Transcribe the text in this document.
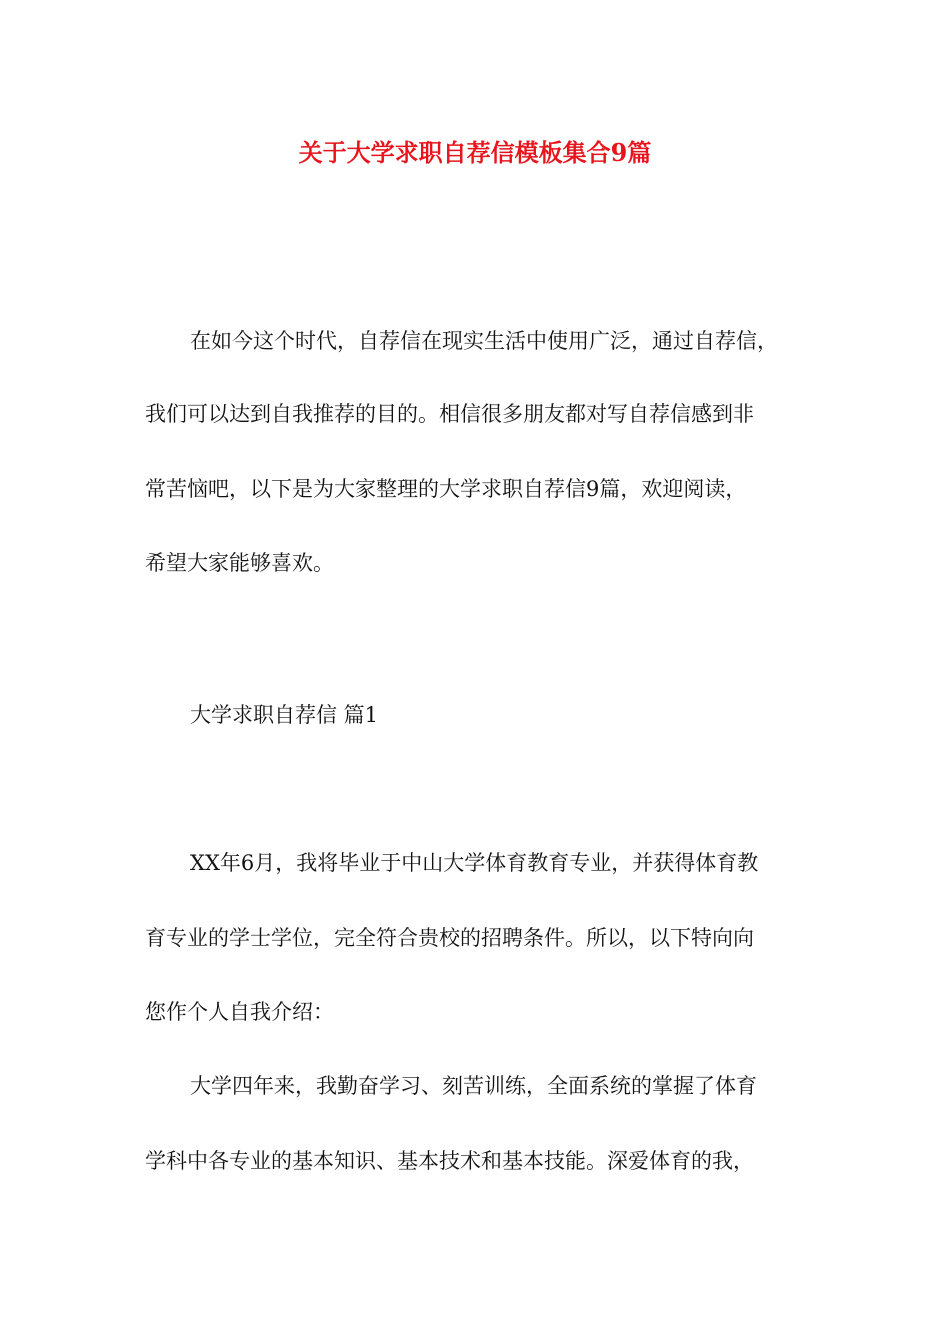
关于大学求职自荐信模板集合9篇

在如今这个时代，自荐信在现实生活中使用广泛，通过自荐信，

我们可以达到自我推荐的目的。相信很多朋友都对写自荐信感到非

常苦恼吧，以下是为大家整理的大学求职自荐信9篇，欢迎阅读，

希望大家能够喜欢。

大学求职自荐信 篇1

XX年6月，我将毕业于中山大学体育教育专业，并获得体育教

育专业的学士学位，完全符合贵校的招聘条件。所以，以下特向向

您作个人自我介绍：

大学四年来，我勤奋学习、刻苦训练，全面系统的掌握了体育

学科中各专业的基本知识、基本技术和基本技能。深爱体育的我，
